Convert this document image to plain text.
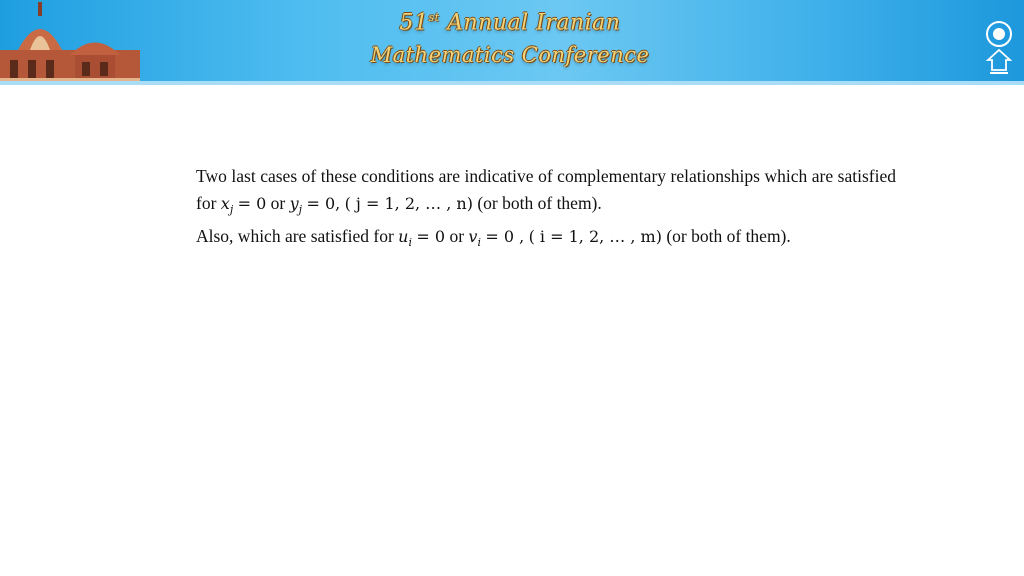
51st Annual Iranian
Mathematics Conference

Two last cases of these conditions are indicative of complementary relationships which are satisfied for $x_j = 0$ or $y_j = 0$, ( j = 1, 2, … , n) (or both of them).
Also, which are satisfied for $u_i = 0$ or $v_i = 0$ , ( i = 1, 2, … , m) (or both of them).
